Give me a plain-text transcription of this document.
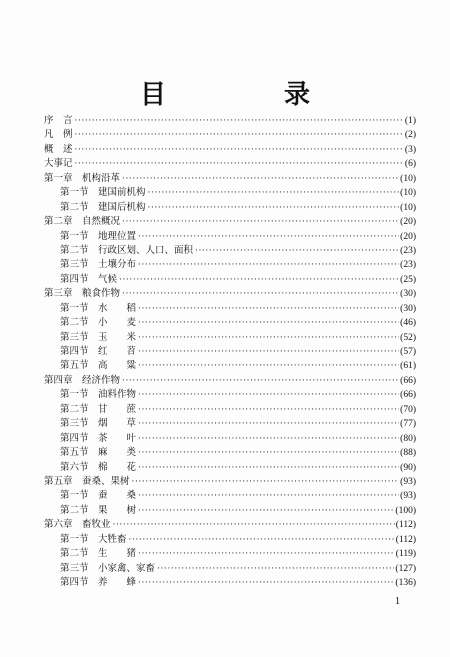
目　录
序　言 ·····	(1)
凡　例 ·····	(2)
概　述 ·····	(3)
大事记 ·····	(6)
第一章　机构沿革 ·····	(10)
第一节　建国前机构 ·····	(10)
第二节　建国后机构 ·····	(10)
第二章　自然概况 ·····	(20)
第一节　地理位置 ·····	(20)
第二节　行政区划、人口、面积 ·····	(23)
第三节　土壤分布 ·····	(23)
第四节　气候 ·····	(25)
第三章　粮食作物 ·····	(30)
第一节　水　　稻 ·····	(30)
第二节　小　　麦 ·····	(46)
第三节　玉　　米 ·····	(52)
第四节　红　　苕 ·····	(57)
第五节　高　　粱 ·····	(61)
第四章　经济作物 ·····	(66)
第一节　油料作物 ·····	(66)
第二节　甘　　蔗 ·····	(70)
第三节　烟　　草 ·····	(77)
第四节　茶　　叶 ·····	(80)
第五节　麻　　类 ·····	(88)
第六节　棉　　花 ·····	(90)
第五章　蚕桑、果树 ·····	(93)
第一节　蚕　　桑 ·····	(93)
第二节　果　　树 ·····	(100)
第六章　畜牧业 ·····	(112)
第一节　大牲畜 ·····	(112)
第二节　生　　猪 ·····	(119)
第三节　小家禽、家畜 ·····	(127)
第四节　养　　蜂 ·····	(136)
1
